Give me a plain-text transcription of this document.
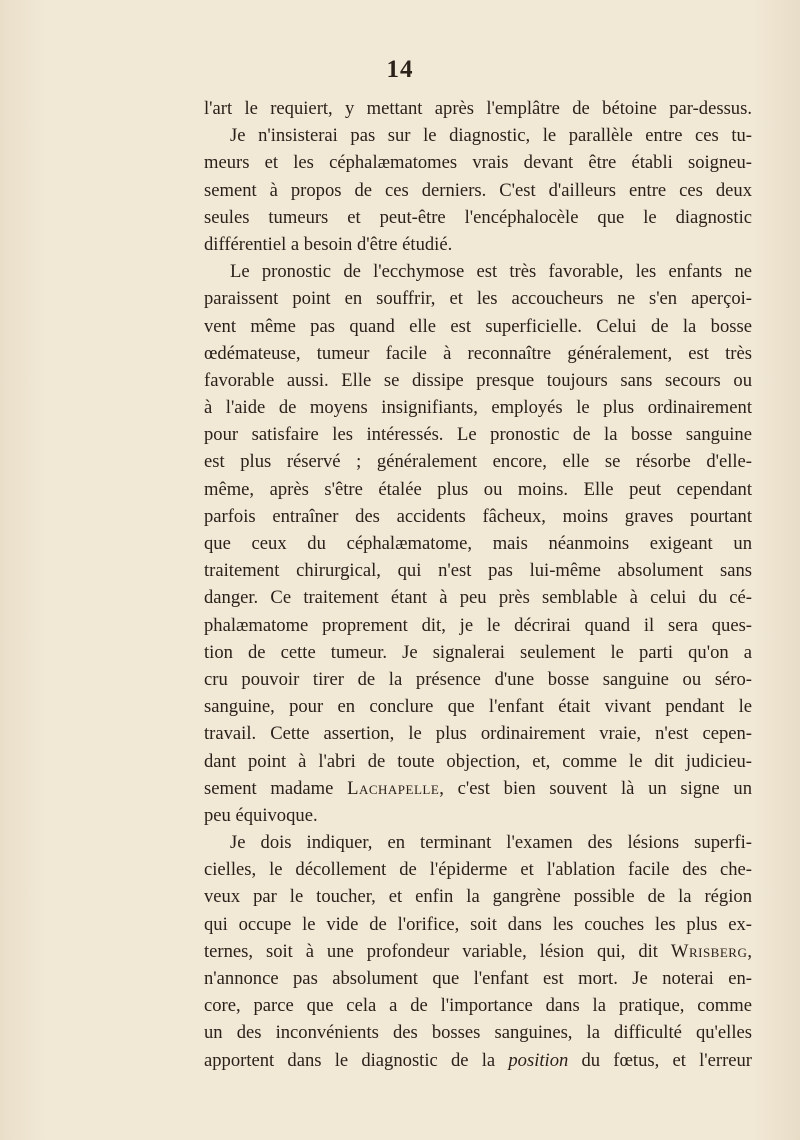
14
l'art le requiert, y mettant après l'emplâtre de bétoine par-dessus.
Je n'insisterai pas sur le diagnostic, le parallèle entre ces tu-
meurs et les céphalæmatomes vrais devant être établi soigneu-
sement à propos de ces derniers. C'est d'ailleurs entre ces deux
seules tumeurs et peut-être l'encéphalocèle que le diagnostic
différentiel a besoin d'être étudié.
Le pronostic de l'ecchymose est très favorable, les enfants ne
paraissent point en souffrir, et les accoucheurs ne s'en aperçoi-
vent même pas quand elle est superficielle. Celui de la bosse
œdémateuse, tumeur facile à reconnaître généralement, est très
favorable aussi. Elle se dissipe presque toujours sans secours ou
à l'aide de moyens insignifiants, employés le plus ordinairement
pour satisfaire les intéressés. Le pronostic de la bosse sanguine
est plus réservé ; généralement encore, elle se résorbe d'elle-
même, après s'être étalée plus ou moins. Elle peut cependant
parfois entraîner des accidents fâcheux, moins graves pourtant
que ceux du céphalæmatome, mais néanmoins exigeant un
traitement chirurgical, qui n'est pas lui-même absolument sans
danger. Ce traitement étant à peu près semblable à celui du cé-
phalæmatome proprement dit, je le décrirai quand il sera ques-
tion de cette tumeur. Je signalerai seulement le parti qu'on a
cru pouvoir tirer de la présence d'une bosse sanguine ou séro-
sanguine, pour en conclure que l'enfant était vivant pendant le
travail. Cette assertion, le plus ordinairement vraie, n'est cepen-
dant point à l'abri de toute objection, et, comme le dit judicieu-
sement madame Lachapelle, c'est bien souvent là un signe un
peu équivoque.
Je dois indiquer, en terminant l'examen des lésions superfi-
cielles, le décollement de l'épiderme et l'ablation facile des che-
veux par le toucher, et enfin la gangrène possible de la région
qui occupe le vide de l'orifice, soit dans les couches les plus ex-
ternes, soit à une profondeur variable, lésion qui, dit Wrisberg,
n'annonce pas absolument que l'enfant est mort. Je noterai en-
core, parce que cela a de l'importance dans la pratique, comme
un des inconvénients des bosses sanguines, la difficulté qu'elles
apportent dans le diagnostic de la position du fœtus, et l'erreur
